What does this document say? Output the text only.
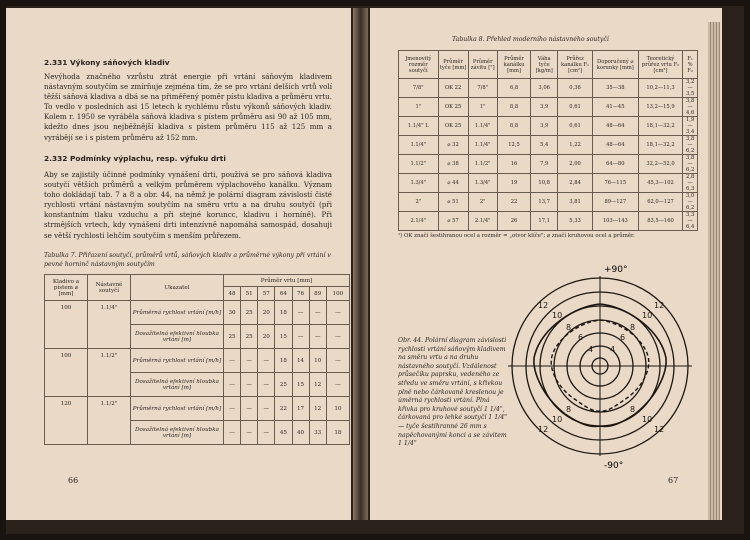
2.331 Výkony sáňových kladiv

Nevýhoda značného vzrůstu ztrát energie při vrtání sáňovým kladivem nástavným soutyčím se zmírňuje zejména tím, že se pro vrtání delších vrtů volí těžší sáňová kladiva a dbá se na přiměřený poměr pístu kladiva a průměru vrtu. To vedlo v posledních asi 15 letech k rychlému růstu výkonů sáňových kladiv. Kolem r. 1950 se vyráběla sáňová kladiva s pístem průměru asi 90 až 105 mm, kdežto dnes jsou nejběžnější kladiva s pístem průměru 115 až 125 mm a vyrábějí se i s pístem průměru až 152 mm.

2.332 Podmínky výplachu, resp. výfuku drti

Aby se zajistily účinné podmínky vynášení drti, používá se pro sáňová kladiva soutyčí větších průměrů a velkým průměrem výplachového kanálku. Význam toho dokládají tab. 7 a 8 a obr. 44, na němž je polární diagram závislostí čisté rychlosti vrtání nástavným soutyčím na směru vrtu a na druhu soutyčí (při konstantním tlaku vzduchu a při stejné koruncc, kladivu i horníně). Při strmějších vrtech, kdy vynášení drti intenzívně napomáhá samospád, dosahuji se větší rychlosti lehčím soutyčím s menším průřezem.

Tabulka 7. Přiřazení soutyčí, průměrů vrtů, sáňových kladiv a průměrné výkony při vrtání v pevné horninč nástavným soutyčím
Kladivo a pístem ⌀ [mm]	Nástavné soutyčí	Ukazatel	Průměr vrtu [mm]						
			48	51	57	64	76	89	100
100	1.1/4"	Průměrná rychlost vrtání [m/h]	30	25	20	18	—	—	—
		Dosažitelná efektivní hloubka vrtání [m]	25	25	20	15	—	—	—
100	1.1/2"	Průměrná rychlost vrtání [m/h]	—	—	—	18	14	10	—
		Dosažitelná efektivní hloubka vrtání [m]	—	—	—	25	15	12	—
120	1.1/2"	Průměrná rychlost vrtání [m/h]	—	—	—	22	17	12	10
		Dosažitelná efektivní hloubka vrtání [m]	—	—	—	45	40	33	18
66
Tabulka 8. Přehled moderního nástavného soutyčí
Jmenovitý rozměr soutyčí	Průměr tyče [mm]	Průměr závitu ["]	Průměr kanálku [mm]	Váha tyče [kg/m]	Průřez kanálku F₁ [cm²]	Doporučený ⌀ korunky [mm]	Teoretický průřez vrtu F₂ [cm²]	F₁ % F₂
7/8"	OK 22	7/8"	6,8	3,06	0,36	35—38	10,2—11,3	3,2—3,5
1"	OK 25	1"	8,8	3,9	0,61	41—45	13,2—15,9	3,8—4,6
1.1/4" L	OK 25	1.1/4"	8,8	3,9	0,61	48—64	18,1—32,2	1,9—3,4
1.1/4"	⌀ 32	1.1/4"	12,5	5,4	1,22	48—64	18,1—32,2	3,8—6,2
1.1/2"	⌀ 38	1.1/2"	16	7,9	2,00	64—80	32,2—52,0	3,8—6,2
1.3/4"	⌀ 44	1.3/4"	19	10,8	2,84	76—115	45,3—102	2,8—6,3
2"	⌀ 51	2"	22	13,7	3,81	89—127	62,0—127	3,0—6,2
2.1/4"	⌀ 57	2.1/4"	26	17,1	5,33	103—143	83,5—160	3,3—6,4
¹) OK značí šestihranou ocel a rozměr = „otvor klíče"; ⌀ značí kruhovou ocel a průměr.
+90°
-90°
12
10
8
6
4
12
10
8
6
4
12
10
8	8
10
12
67
Obr. 44. Polární diagram závislosti rychlosti vrtání sáňovým kladivem na směru vrtu a na druhu nástavného soutyčí. Vzdálenost průsečíku paprsku, vedeného ze středu ve směru vrtání, s křivkou plně nebo čárkovaně kreslenou je úměrná rychlosti vrtání. Plná křivka pro kruhové soutyčí 1 1/4", čárkovaná pro lehké soutyčí 1 1/4" — tyče šestihranné 26 mm s napěchovanými konci a se závitem 1 1/4"
